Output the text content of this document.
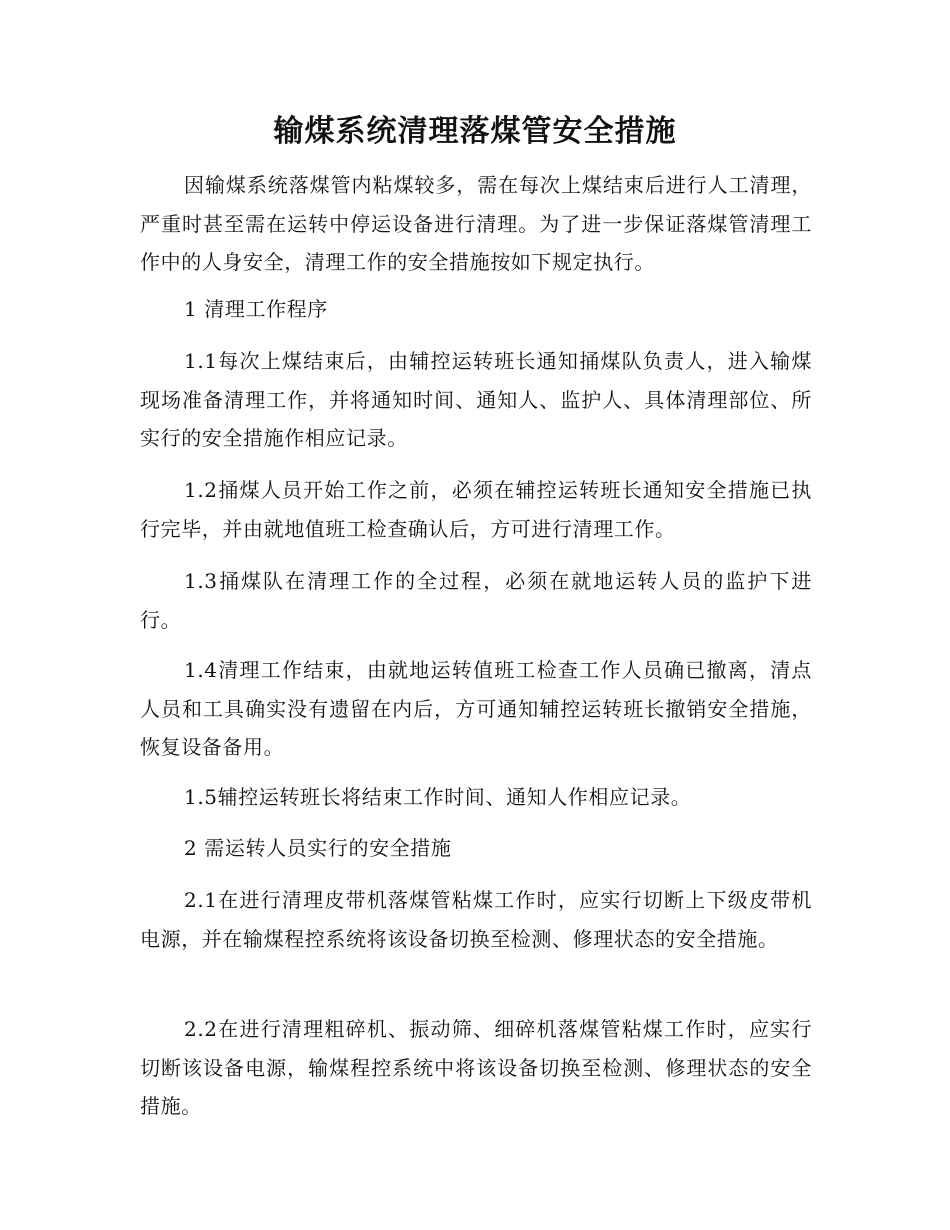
输煤系统清理落煤管安全措施

因输煤系统落煤管内粘煤较多，需在每次上煤结束后进行人工清理，严重时甚至需在运转中停运设备进行清理。为了进一步保证落煤管清理工作中的人身安全，清理工作的安全措施按如下规定执行。

1 清理工作程序

1.1每次上煤结束后，由辅控运转班长通知捅煤队负责人，进入输煤现场准备清理工作，并将通知时间、通知人、监护人、具体清理部位、所实行的安全措施作相应记录。

1.2捅煤人员开始工作之前，必须在辅控运转班长通知安全措施已执行完毕，并由就地值班工检查确认后，方可进行清理工作。

1.3捅煤队在清理工作的全过程，必须在就地运转人员的监护下进行。

1.4清理工作结束，由就地运转值班工检查工作人员确已撤离，清点人员和工具确实没有遗留在内后，方可通知辅控运转班长撤销安全措施，恢复设备备用。

1.5辅控运转班长将结束工作时间、通知人作相应记录。

2 需运转人员实行的安全措施

2.1在进行清理皮带机落煤管粘煤工作时，应实行切断上下级皮带机电源，并在输煤程控系统将该设备切换至检测、修理状态的安全措施。

2.2在进行清理粗碎机、振动筛、细碎机落煤管粘煤工作时，应实行切断该设备电源，输煤程控系统中将该设备切换至检测、修理状态的安全措施。
